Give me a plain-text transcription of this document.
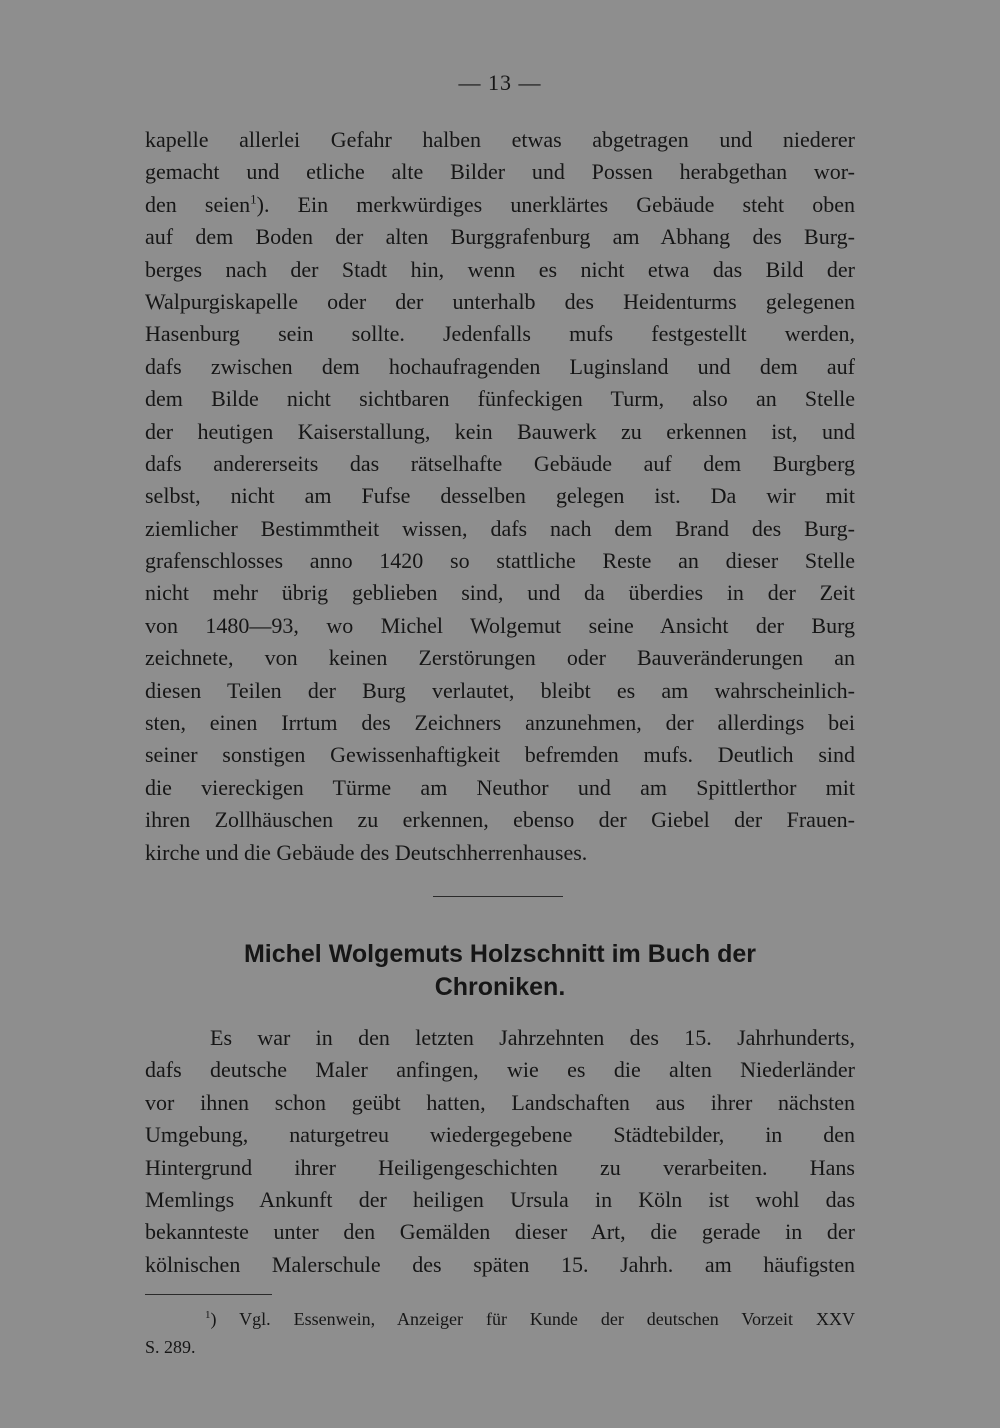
— 13 —
kapelle allerlei Gefahr halben etwas abgetragen und niederer
gemacht und etliche alte Bilder und Possen herabgethan wor-
den seien$^1$). Ein merkwürdiges unerklärtes Gebäude steht oben
auf dem Boden der alten Burggrafenburg am Abhang des Burg-
berges nach der Stadt hin, wenn es nicht etwa das Bild der
Walpurgiskapelle oder der unterhalb des Heidenturms gelegenen
Hasenburg sein sollte. Jedenfalls mufs festgestellt werden,
dafs zwischen dem hochaufragenden Luginsland und dem auf
dem Bilde nicht sichtbaren fünfeckigen Turm, also an Stelle
der heutigen Kaiserstallung, kein Bauwerk zu erkennen ist, und
dafs andererseits das rätselhafte Gebäude auf dem Burgberg
selbst, nicht am Fufse desselben gelegen ist. Da wir mit
ziemlicher Bestimmtheit wissen, dafs nach dem Brand des Burg-
grafenschlosses anno 1420 so stattliche Reste an dieser Stelle
nicht mehr übrig geblieben sind, und da überdies in der Zeit
von 1480—93, wo Michel Wolgemut seine Ansicht der Burg
zeichnete, von keinen Zerstörungen oder Bauveränderungen an
diesen Teilen der Burg verlautet, bleibt es am wahrscheinlich-
sten, einen Irrtum des Zeichners anzunehmen, der allerdings bei
seiner sonstigen Gewissenhaftigkeit befremden mufs. Deutlich sind
die viereckigen Türme am Neuthor und am Spittlerthor mit
ihren Zollhäuschen zu erkennen, ebenso der Giebel der Frauen-
kirche und die Gebäude des Deutschherrenhauses.
Michel Wolgemuts Holzschnitt im Buch der
Chroniken.
Es war in den letzten Jahrzehnten des 15. Jahrhunderts,
dafs deutsche Maler anfingen, wie es die alten Niederländer
vor ihnen schon geübt hatten, Landschaften aus ihrer nächsten
Umgebung, naturgetreu wiedergegebene Städtebilder, in den
Hintergrund ihrer Heiligengeschichten zu verarbeiten. Hans
Memlings Ankunft der heiligen Ursula in Köln ist wohl das
bekannteste unter den Gemälden dieser Art, die gerade in der
kölnischen Malerschule des späten 15. Jahrh. am häufigsten
$^1$) Vgl. Essenwein, Anzeiger für Kunde der deutschen Vorzeit XXV
S. 289.
